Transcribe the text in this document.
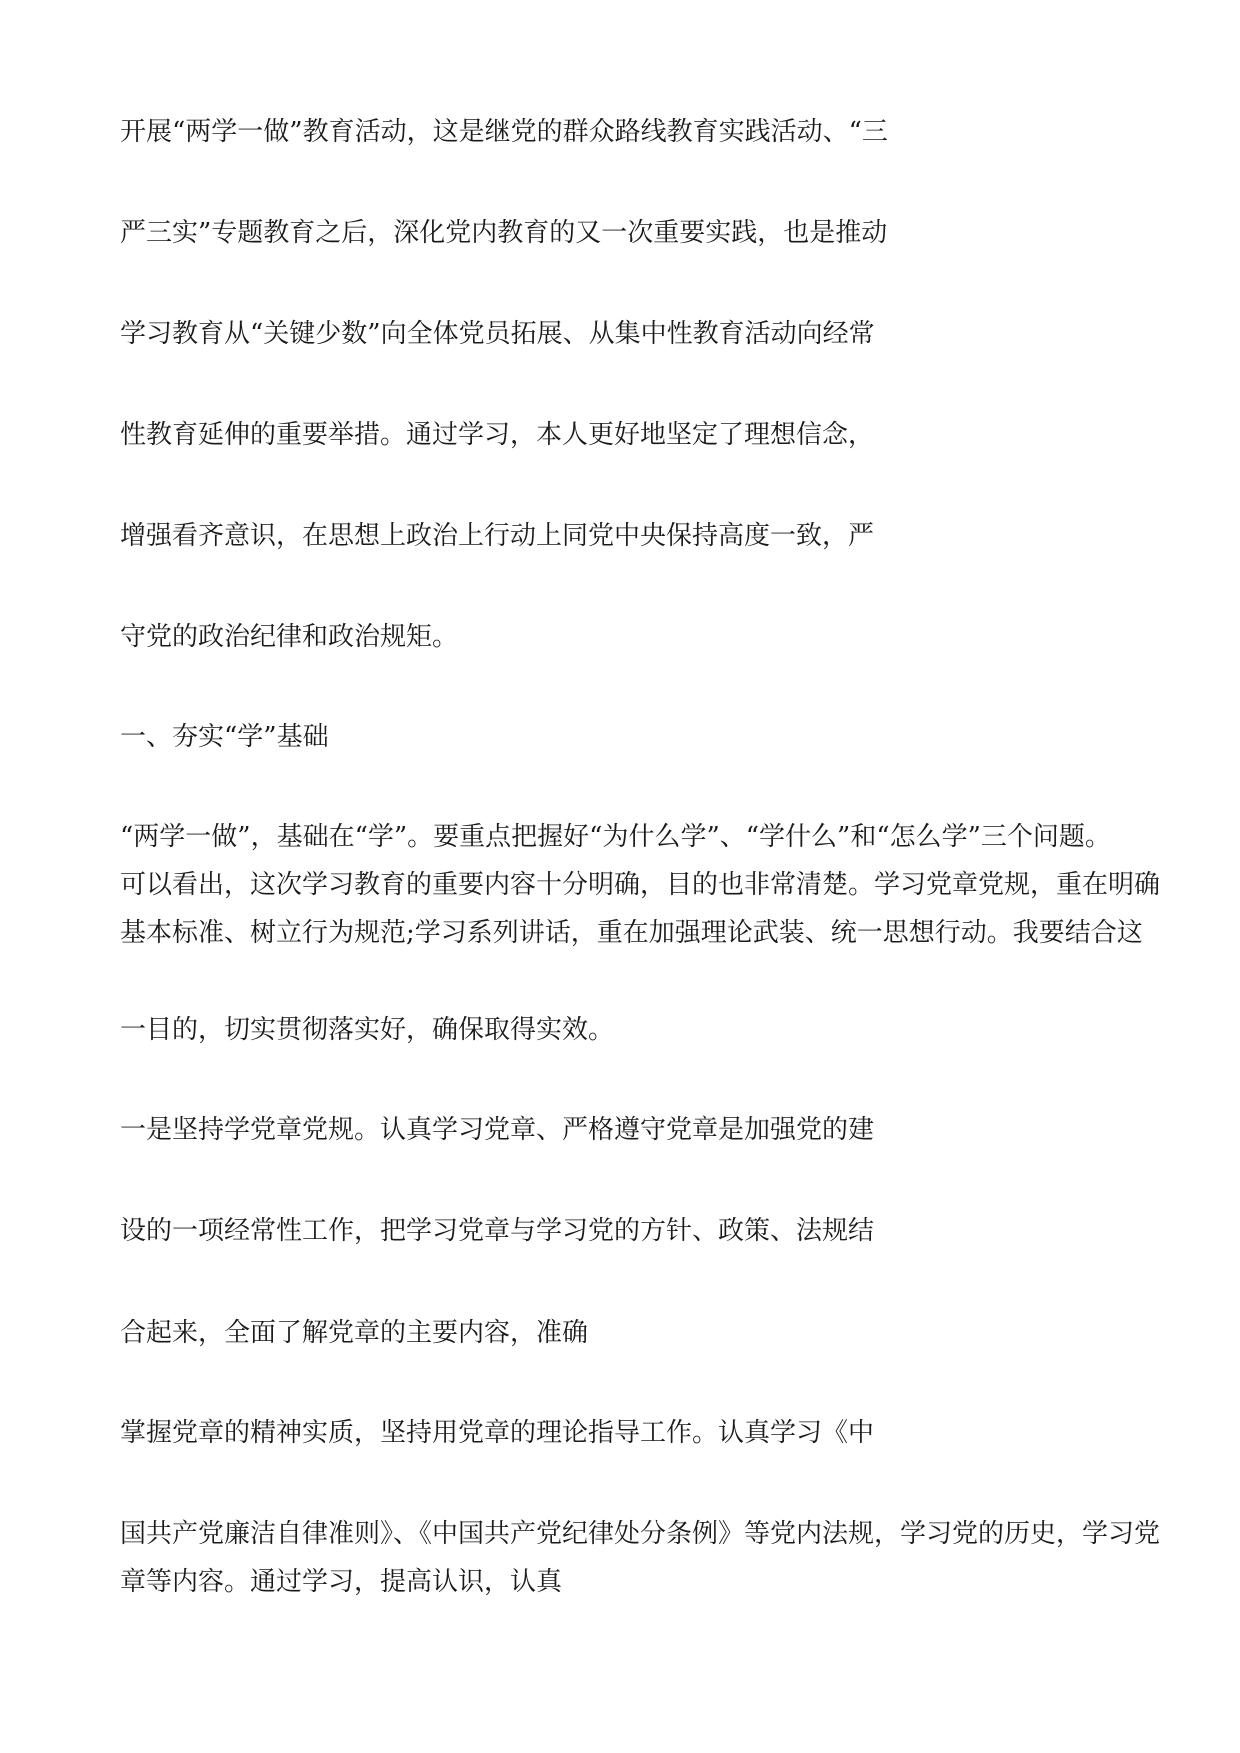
开展“两学一做”教育活动，这是继党的群众路线教育实践活动、“三
严三实”专题教育之后，深化党内教育的又一次重要实践，也是推动
学习教育从“关键少数”向全体党员拓展、从集中性教育活动向经常
性教育延伸的重要举措。通过学习，本人更好地坚定了理想信念，
增强看齐意识，在思想上政治上行动上同党中央保持高度一致，严
守党的政治纪律和政治规矩。
一、夯实“学”基础
“两学一做”，基础在“学”。要重点把握好“为什么学”、“学什么”和“怎么学”三个问题。
可以看出，这次学习教育的重要内容十分明确，目的也非常清楚。学习党章党规，重在明确
基本标准、树立行为规范;学习系列讲话，重在加强理论武装、统一思想行动。我要结合这
一目的，切实贯彻落实好，确保取得实效。
一是坚持学党章党规。认真学习党章、严格遵守党章是加强党的建
设的一项经常性工作，把学习党章与学习党的方针、政策、法规结
合起来，全面了解党章的主要内容，准确
掌握党章的精神实质，坚持用党章的理论指导工作。认真学习《中
国共产党廉洁自律准则》、《中国共产党纪律处分条例》等党内法规，学习党的历史，学习党
章等内容。通过学习，提高认识，认真
